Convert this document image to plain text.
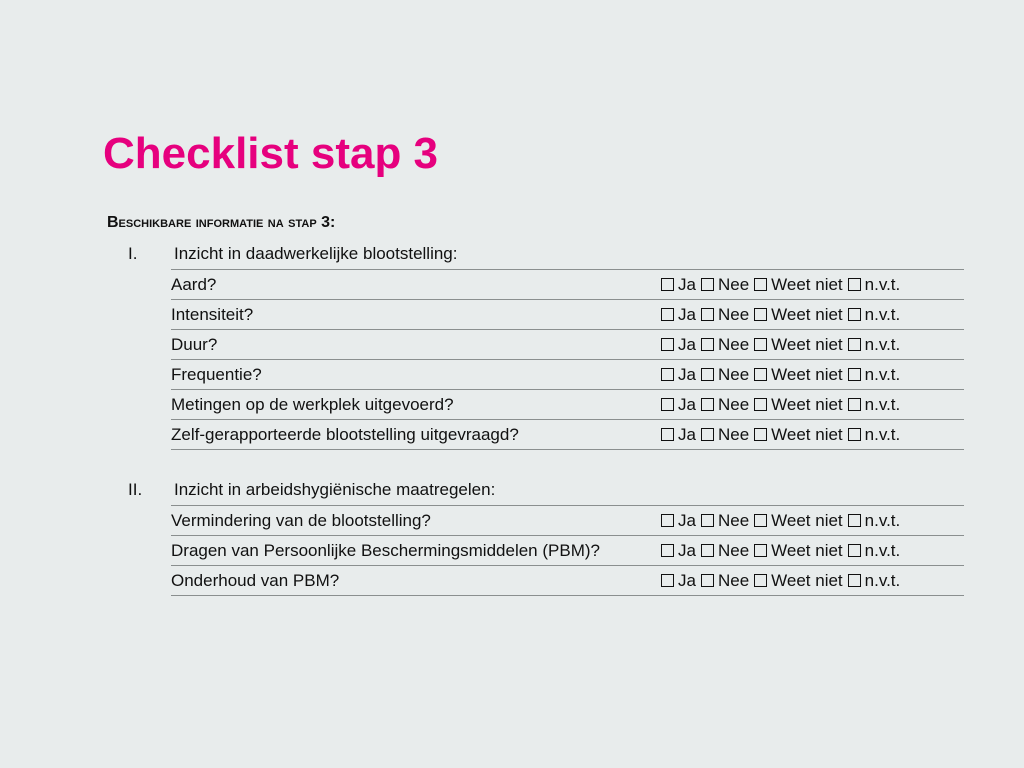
Checklist stap 3
Beschikbare informatie na stap 3:
I. Inzicht in daadwerkelijke blootstelling:
Aard?	Ja Nee Weet niet n.v.t.
Intensiteit?	Ja Nee Weet niet n.v.t.
Duur?	Ja Nee Weet niet n.v.t.
Frequentie?	Ja Nee Weet niet n.v.t.
Metingen op de werkplek uitgevoerd?	Ja Nee Weet niet n.v.t.
Zelf-gerapporteerde blootstelling uitgevraagd?	Ja Nee Weet niet n.v.t.
II. Inzicht in arbeidshygiënische maatregelen:
Vermindering van de blootstelling?	Ja Nee Weet niet n.v.t.
Dragen van Persoonlijke Beschermingsmiddelen (PBM)?	Ja Nee Weet niet n.v.t.
Onderhoud van PBM?	Ja Nee Weet niet n.v.t.
